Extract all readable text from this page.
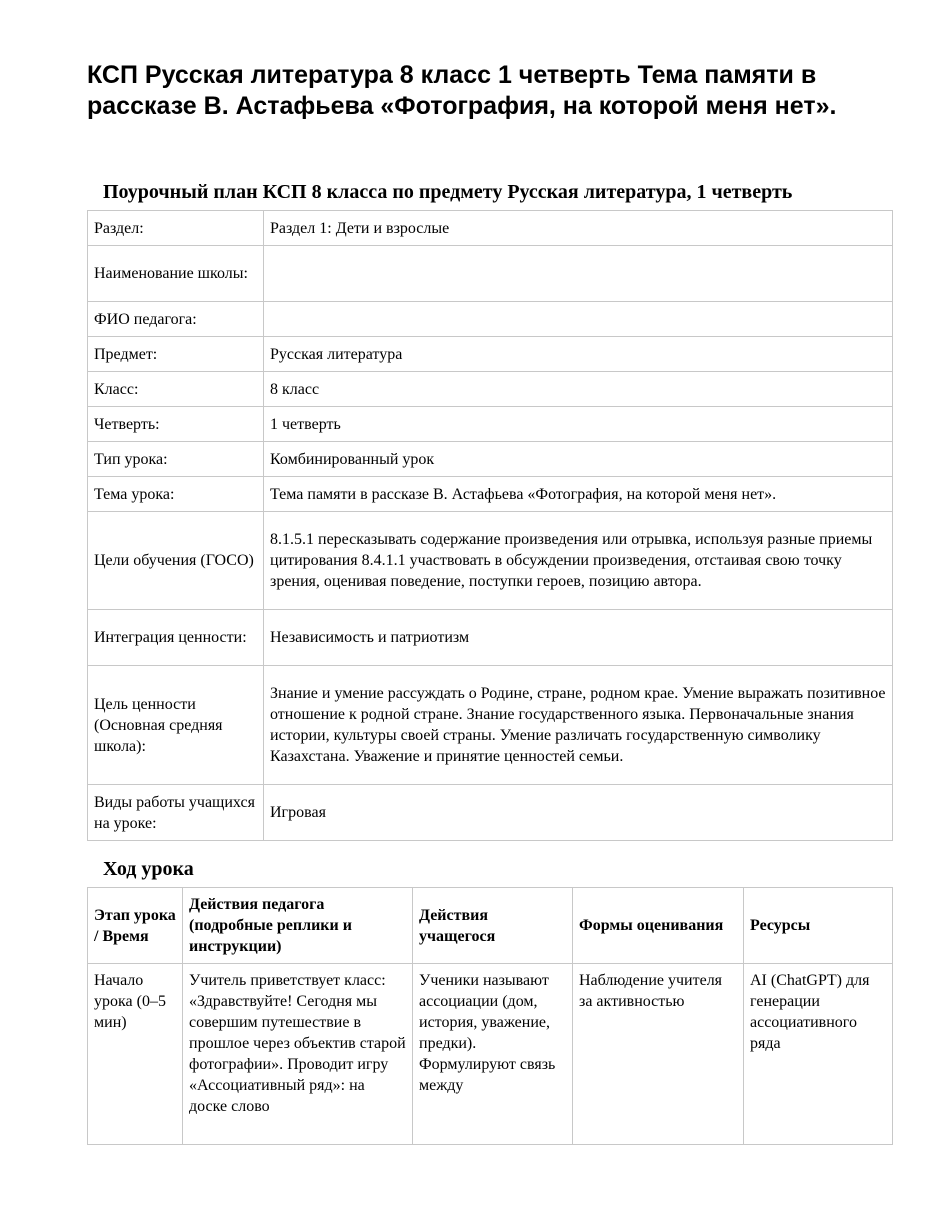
КСП Русская литература 8 класс 1 четверть Тема памяти в рассказе В. Астафьева «Фотография, на которой меня нет».
Поурочный план КСП 8 класса по предмету Русская литература, 1 четверть
Раздел:	Раздел 1: Дети и взрослые
Наименование школы:	
ФИО педагога:	
Предмет:	Русская литература
Класс:	8 класс
Четверть:	1 четверть
Тип урока:	Комбинированный урок
Тема урока:	Тема памяти в рассказе В. Астафьева «Фотография, на которой меня нет».
Цели обучения (ГОСО)	8.1.5.1 пересказывать содержание произведения или отрывка, используя разные приемы цитирования 8.4.1.1 участвовать в обсуждении произведения, отстаивая свою точку зрения, оценивая поведение, поступки героев, позицию автора.
Интеграция ценности:	Независимость и патриотизм
Цель ценности (Основная средняя школа):	Знание и умение рассуждать о Родине, стране, родном крае. Умение выражать позитивное отношение к родной стране. Знание государственного языка. Первоначальные знания истории, культуры своей страны. Умение различать государственную символику Казахстана. Уважение и принятие ценностей семьи.
Виды работы учащихся на уроке:	Игровая
Ход урока
Этап урока / Время	Действия педагога (подробные реплики и инструкции)	Действия учащегося	Формы оценивания	Ресурсы
Начало урока (0–5 мин)	Учитель приветствует класс: «Здравствуйте! Сегодня мы совершим путешествие в прошлое через объектив старой фотографии». Проводит игру «Ассоциативный ряд»: на доске слово	Ученики называют ассоциации (дом, история, уважение, предки). Формулируют связь между	Наблюдение учителя за активностью	AI (ChatGPT) для генерации ассоциативного ряда
